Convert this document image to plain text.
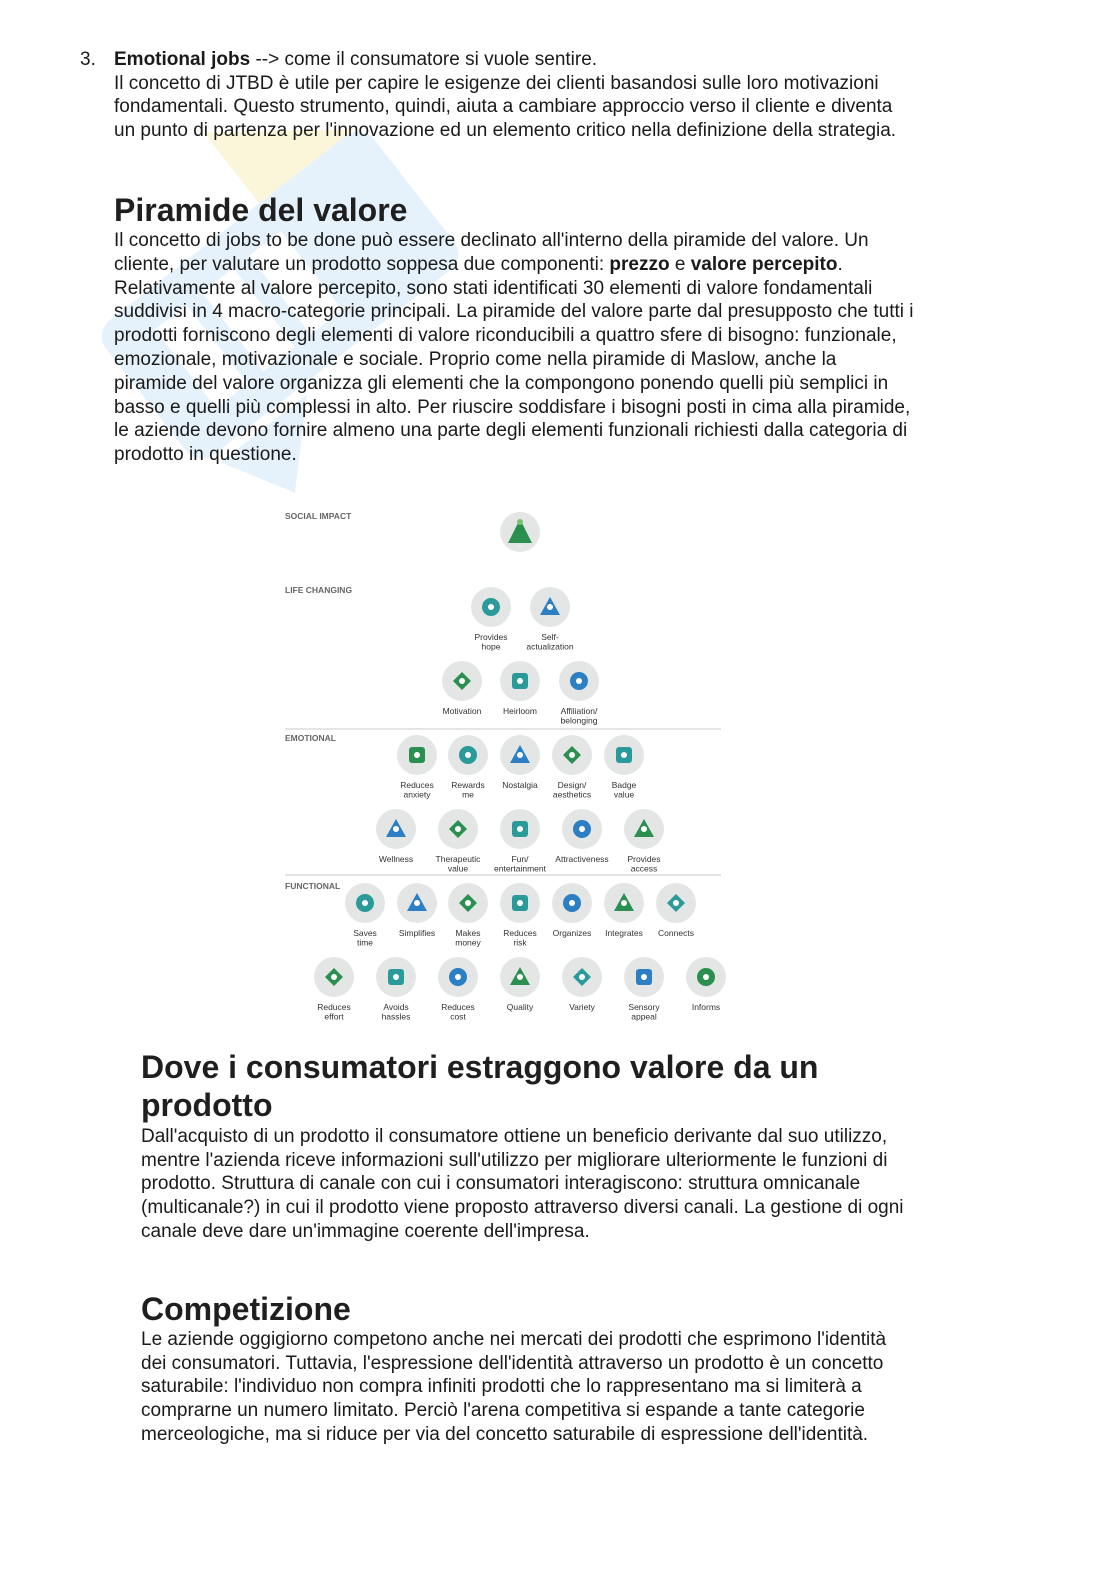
3. Emotional jobs --> come il consumatore si vuole sentire.
Il concetto di JTBD è utile per capire le esigenze dei clienti basandosi sulle loro motivazioni fondamentali. Questo strumento, quindi, aiuta a cambiare approccio verso il cliente e diventa un punto di partenza per l'innovazione ed un elemento critico nella definizione della strategia.
Piramide del valore
Il concetto di jobs to be done può essere declinato all'interno della piramide del valore. Un cliente, per valutare un prodotto soppesa due componenti: prezzo e valore percepito. Relativamente al valore percepito, sono stati identificati 30 elementi di valore fondamentali suddivisi in 4 macro-categorie principali. La piramide del valore parte dal presupposto che tutti i prodotti forniscono degli elementi di valore riconducibili a quattro sfere di bisogno: funzionale, emozionale, motivazionale e sociale. Proprio come nella piramide di Maslow, anche la piramide del valore organizza gli elementi che la compongono ponendo quelli più semplici in basso e quelli più complessi in alto. Per riuscire soddisfare i bisogni posti in cima alla piramide, le aziende devono fornire almeno una parte degli elementi funzionali richiesti dalla categoria di prodotto in questione.
SOCIAL IMPACT
LIFE CHANGING
EMOTIONAL
FUNCTIONAL
Provides
hope
Self-
actualization
Motivation	Heirloom	Affiliation/
belonging
Reduces
anxiety
Rewards
me
Nostalgia Design/
aesthetics
Badge
value
Wellness	Therapeutic
value
Fun/
entertainment
Attractiveness Provides
access
Saves
time
Simplifies Makes
money
Reduces
risk
Organizes Integrates Connects
Reduces
effort
Avoids
hassles
Reduces
cost
Quality	Variety	Sensory
appeal
Informs
Dove i consumatori estraggono valore da un prodotto
Dall'acquisto di un prodotto il consumatore ottiene un beneficio derivante dal suo utilizzo, mentre l'azienda riceve informazioni sull'utilizzo per migliorare ulteriormente le funzioni di prodotto. Struttura di canale con cui i consumatori interagiscono: struttura omnicanale (multicanale?) in cui il prodotto viene proposto attraverso diversi canali. La gestione di ogni canale deve dare un'immagine coerente dell'impresa.
Competizione
Le aziende oggigiorno competono anche nei mercati dei prodotti che esprimono l'identità dei consumatori. Tuttavia, l'espressione dell'identità attraverso un prodotto è un concetto saturabile: l'individuo non compra infiniti prodotti che lo rappresentano ma si limiterà a comprarne un numero limitato. Perciò l'arena competitiva si espande a tante categorie merceologiche, ma si riduce per via del concetto saturabile di espressione dell'identità.
